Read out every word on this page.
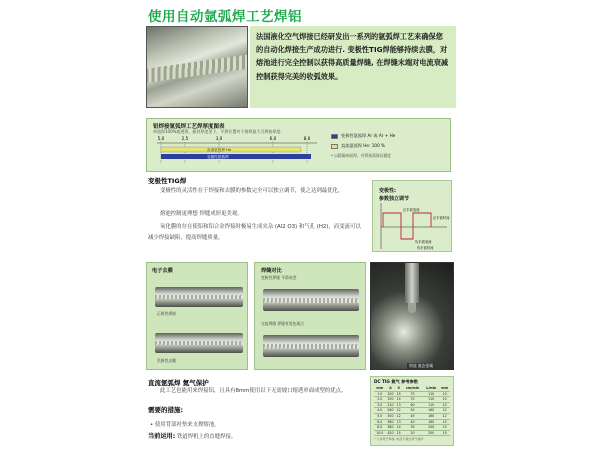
使用自动氩弧焊工艺焊铝
法国液化空气焊接已经研发出一系列的氩弧焊工艺来确保您的自动化焊接生产成功进行. 变极性TIG焊能够持续去膜，对熔池进行完全控制以获得高质量焊缝, 在焊缝末端对电流衰减控制获得完美的收弧效果。
铝焊接氩弧焊工艺焊厚度图表
单道焊100%熔透焊，板材厚度见下，平焊位置对于熔焊最大可焊接厚度:
5,0	2,5	3,0	6,0	8,0
直流氩弧焊 He
变极性氩弧焊
变极性氩弧焊 Ar 或 Ar + He
直流氩弧焊 He: 100 %
* 以精确单面焊，对焊接需保证精度
变极性TIG焊
变极性的灵活性在于焊接和去膜的参数完全可以独立调节，使之达到最优化。
熔池控制更理想 焊缝成形更美观。
氧化膜的存在使铝和铝合金焊接时极易生成夹杂 (Al2 O3) 和气孔 (H2)，而变流可以减少焊接缺陷，提高焊缝质量。
变极性:
参数独立调节
正半波电流
负半波电流
正半波时间
负半波时间
电子去膜
正极性焊接
负极性去膜
焊缝对比
变极性焊缝 平滑成型
交流焊缝 焊缝有黑色斑点
熔池 液态金属
直流氩弧焊 氦气保护
此工艺也能用来焊接铝，且具有8mm使用以下无需坡口熔透单面成型的优点。
需要的措施:
• 使用背部衬垫来支撑熔池。
当前运用: 铁道焊机上的直缝焊接。
DC TIG 氦气 参考参数
mm	A	V	cm/min	L/min	mm
1.0	100	15	75	110	10
2.0	150	14	70	110	10
3.0	210	13	60	110	10
4.0	260	12	50	160	12
5.0	300	12	45	160	12
6.0	360	13	40	160	15
8.0	380	14	30	200	15
10.0	420	15	20	200	15
* 大多用于焊接, 电流不超过氦气保护
